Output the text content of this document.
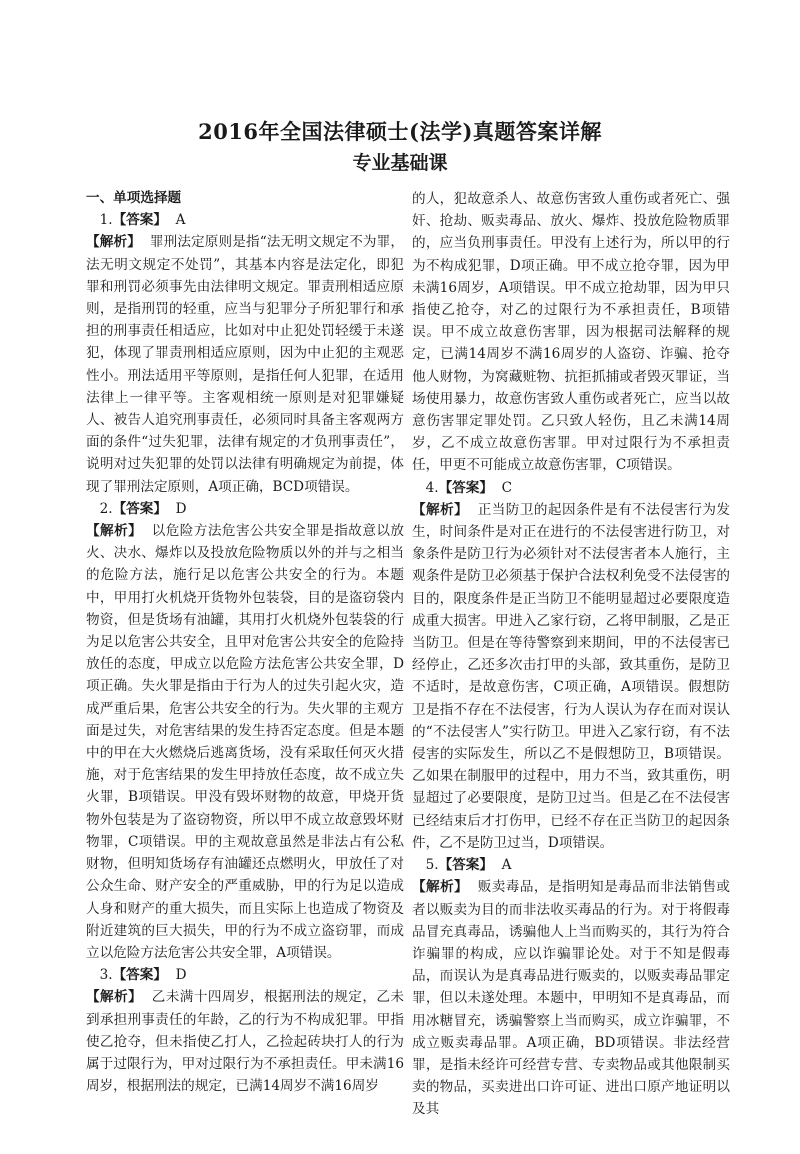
2016年全国法律硕士(法学)真题答案详解
专业基础课

一、单项选择题

1.【答案】 A

【解析】 罪刑法定原则是指“法无明文规定不为罪，法无明文规定不处罚”，其基本内容是法定化，即犯罪和刑罚必须事先由法律明文规定。罪责刑相适应原则，是指刑罚的轻重，应当与犯罪分子所犯罪行和承担的刑事责任相适应，比如对中止犯处罚轻缓于未遂犯，体现了罪责刑相适应原则，因为中止犯的主观恶性小。刑法适用平等原则，是指任何人犯罪，在适用法律上一律平等。主客观相统一原则是对犯罪嫌疑人、被告人追究刑事责任，必须同时具备主客观两方面的条件“过失犯罪，法律有规定的才负刑事责任”，说明对过失犯罪的处罚以法律有明确规定为前提，体现了罪刑法定原则，A项正确，BCD项错误。

2.【答案】 D

【解析】 以危险方法危害公共安全罪是指故意以放火、决水、爆炸以及投放危险物质以外的并与之相当的危险方法，施行足以危害公共安全的行为。本题中，甲用打火机烧开货物外包装袋，目的是盗窃袋内物资，但是货场有油罐，其用打火机烧外包装袋的行为足以危害公共安全，且甲对危害公共安全的危险持放任的态度，甲成立以危险方法危害公共安全罪，D项正确。失火罪是指由于行为人的过失引起火灾，造成严重后果，危害公共安全的行为。失火罪的主观方面是过失，对危害结果的发生持否定态度。但是本题中的甲在大火燃烧后逃离货场，没有采取任何灭火措施，对于危害结果的发生甲持放任态度，故不成立失火罪，B项错误。甲没有毁坏财物的故意，甲烧开货物外包装是为了盗窃物资，所以甲不成立故意毁坏财物罪，C项错误。甲的主观故意虽然是非法占有公私财物，但明知货场存有油罐还点燃明火，甲放任了对公众生命、财产安全的严重威胁，甲的行为足以造成人身和财产的重大损失，而且实际上也造成了物资及附近建筑的巨大损失，甲的行为不成立盗窃罪，而成立以危险方法危害公共安全罪，A项错误。

3.【答案】 D

【解析】 乙未满十四周岁，根据刑法的规定，乙未到承担刑事责任的年龄，乙的行为不构成犯罪。甲指使乙抢夺，但未指使乙打人，乙捡起砖块打人的行为属于过限行为，甲对过限行为不承担责任。甲未满16周岁，根据刑法的规定，已满14周岁不满16周岁

的人，犯故意杀人、故意伤害致人重伤或者死亡、强奸、抢劫、贩卖毒品、放火、爆炸、投放危险物质罪的，应当负刑事责任。甲没有上述行为，所以甲的行为不构成犯罪，D项正确。甲不成立抢夺罪，因为甲未满16周岁，A项错误。甲不成立抢劫罪，因为甲只指使乙抢夺，对乙的过限行为不承担责任，B项错误。甲不成立故意伤害罪，因为根据司法解释的规定，已满14周岁不满16周岁的人盗窃、诈骗、抢夺他人财物，为窝藏赃物、抗拒抓捕或者毁灭罪证，当场使用暴力，故意伤害致人重伤或者死亡，应当以故意伤害罪定罪处罚。乙只致人轻伤，且乙未满14周岁，乙不成立故意伤害罪。甲对过限行为不承担责任，甲更不可能成立故意伤害罪，C项错误。

4.【答案】 C

【解析】 正当防卫的起因条件是有不法侵害行为发生，时间条件是对正在进行的不法侵害进行防卫，对象条件是防卫行为必须针对不法侵害者本人施行，主观条件是防卫必须基于保护合法权利免受不法侵害的目的，限度条件是正当防卫不能明显超过必要限度造成重大损害。甲进入乙家行窃，乙将甲制服，乙是正当防卫。但是在等待警察到来期间，甲的不法侵害已经停止，乙还多次击打甲的头部，致其重伤，是防卫不适时，是故意伤害，C项正确，A项错误。假想防卫是指不存在不法侵害，行为人误认为存在而对误认的“不法侵害人”实行防卫。甲进入乙家行窃，有不法侵害的实际发生，所以乙不是假想防卫，B项错误。乙如果在制服甲的过程中，用力不当，致其重伤，明显超过了必要限度，是防卫过当。但是乙在不法侵害已经结束后才打伤甲，已经不存在正当防卫的起因条件，乙不是防卫过当，D项错误。

5.【答案】 A

【解析】 贩卖毒品，是指明知是毒品而非法销售或者以贩卖为目的而非法收买毒品的行为。对于将假毒品冒充真毒品，诱骗他人上当而购买的，其行为符合诈骗罪的构成，应以诈骗罪论处。对于不知是假毒品，而误认为是真毒品进行贩卖的，以贩卖毒品罪定罪，但以未遂处理。本题中，甲明知不是真毒品，而用冰糖冒充，诱骗警察上当而购买，成立诈骗罪，不成立贩卖毒品罪。A项正确，BD项错误。非法经营罪，是指未经许可经营专营、专卖物品或其他限制买卖的物品，买卖进出口许可证、进出口原产地证明以及其
